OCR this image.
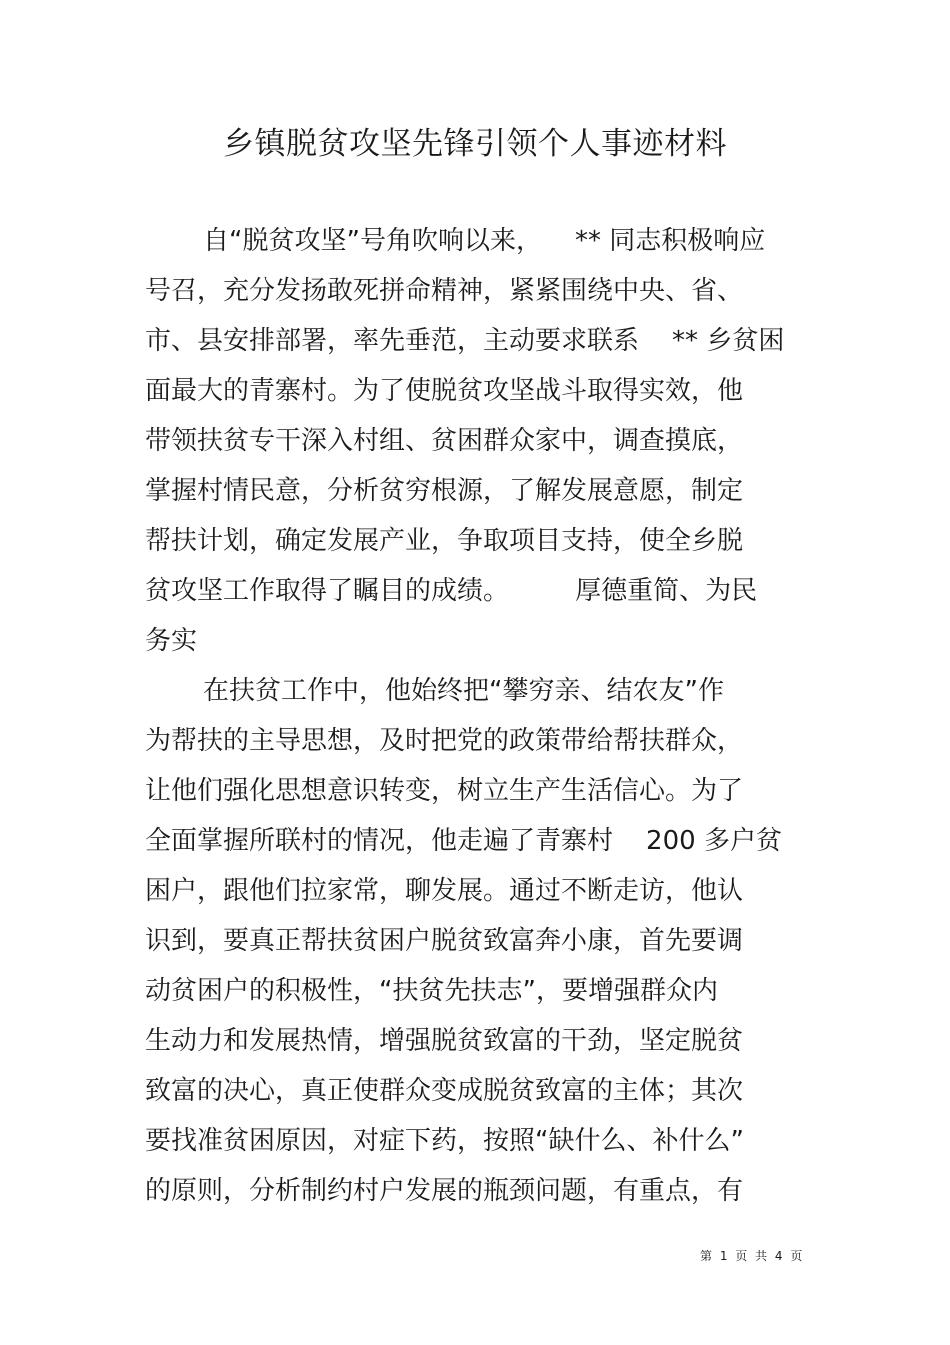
乡镇脱贫攻坚先锋引领个人事迹材料
自“脱贫攻坚”号角吹响以来，    ** 同志积极响应
号召，充分发扬敢死拼命精神，紧紧围绕中央、省、
市、县安排部署，率先垂范，主动要求联系    ** 乡贫困
面最大的青寨村。为了使脱贫攻坚战斗取得实效，他
带领扶贫专干深入村组、贫困群众家中，调查摸底，
掌握村情民意，分析贫穷根源，了解发展意愿，制定
帮扶计划，确定发展产业，争取项目支持，使全乡脱
贫攻坚工作取得了瞩目的成绩。        厚德重简、为民
务实
在扶贫工作中，他始终把“攀穷亲、结农友”作
为帮扶的主导思想，及时把党的政策带给帮扶群众，
让他们强化思想意识转变，树立生产生活信心。为了
全面掌握所联村的情况，他走遍了青寨村    200 多户贫
困户，跟他们拉家常，聊发展。通过不断走访，他认
识到，要真正帮扶贫困户脱贫致富奔小康，首先要调
动贫困户的积极性，“扶贫先扶志”，要增强群众内
生动力和发展热情，增强脱贫致富的干劲，坚定脱贫
致富的决心，真正使群众变成脱贫致富的主体；其次
要找准贫困原因，对症下药，按照“缺什么、补什么”
的原则，分析制约村户发展的瓶颈问题，有重点，有
第 1 页 共 4 页
